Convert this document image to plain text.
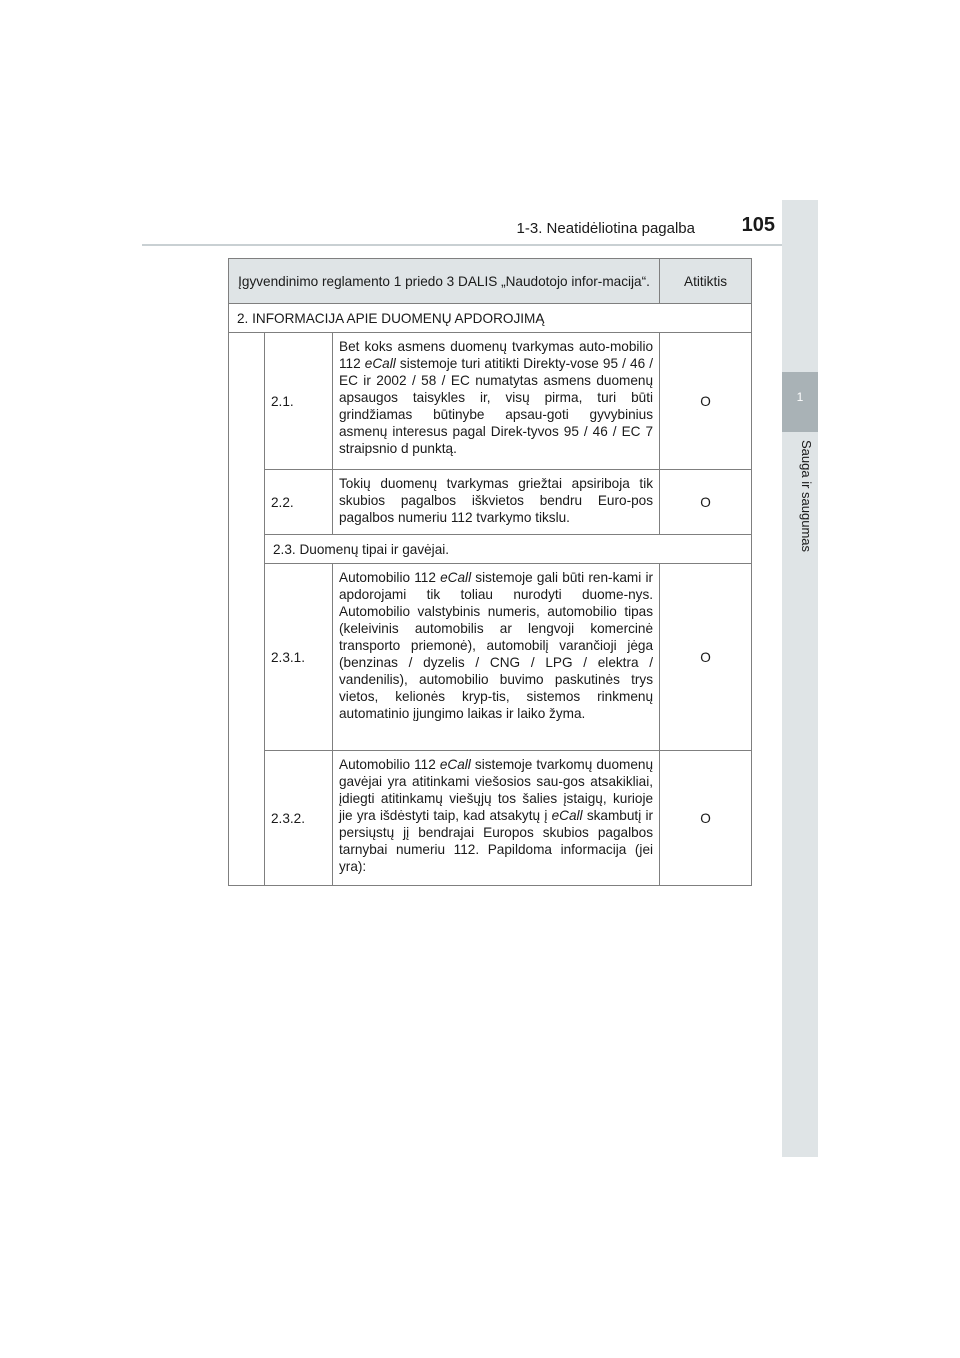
1-3. Neatidėliotina pagalba	105
1
Sauga ir saugumas
Įgyvendinimo reglamento 1 priedo 3 DALIS „Naudotojo infor-macija“.			Atitiktis
2. INFORMACIJA APIE DUOMENŲ APDOROJIMĄ			
	2.1.	Bet koks asmens duomenų tvarkymas auto-mobilio 112 eCall sistemoje turi atitikti Direkty-vose 95 / 46 / EC ir 2002 / 58 / EC numatytas asmens duomenų apsaugos taisykles ir, visų pirma, turi būti grindžiamas būtinybe apsau-goti gyvybinius asmenų interesus pagal Direk-tyvos 95 / 46 / EC 7 straipsnio d punktą.	O
	2.2.	Tokių duomenų tvarkymas griežtai apsiriboja tik skubios pagalbos iškvietos bendru Euro-pos pagalbos numeriu 112 tvarkymo tikslu.	O
	2.3. Duomenų tipai ir gavėjai.		
	2.3.1.	Automobilio 112 eCall sistemoje gali būti ren-kami ir apdorojami tik toliau nurodyti duome-nys. Automobilio valstybinis numeris, automobilio tipas (keleivinis automobilis ar lengvoji komercinė transporto priemonė), automobilį varančioji jėga (benzinas / dyzelis / CNG / LPG / elektra / vandenilis), automobilio buvimo paskutinės trys vietos, kelionės kryp-tis, sistemos rinkmenų automatinio įjungimo laikas ir laiko žyma.	O
	2.3.2.	Automobilio 112 eCall sistemoje tvarkomų duomenų gavėjai yra atitinkami viešosios sau-gos atsakikliai, įdiegti atitinkamų viešųjų tos šalies įstaigų, kurioje jie yra išdėstyti taip, kad atsakytų į eCall skambutį ir persiųstų jį bendrajai Europos skubios pagalbos tarnybai numeriu 112. Papildoma informacija (jei yra):	O
